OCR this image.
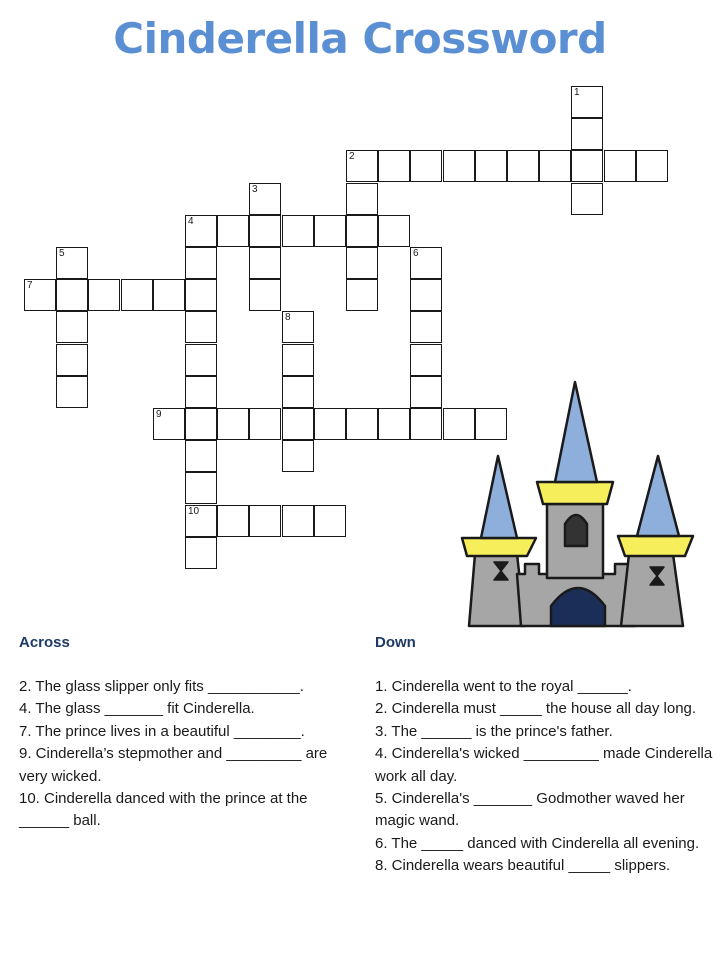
Cinderella Crossword
1
2
3
4
10
5	6
7
8
9
Across

2. The glass slipper only fits ___________.

4. The glass _______ fit Cinderella.

7. The prince lives in a beautiful ________.

9. Cinderella’s stepmother and _________ are very wicked.

10. Cinderella danced with the prince at the ______ ball.

Down

1. Cinderella went to the royal ______.

2. Cinderella must _____ the house all day long.

3. The ______ is the prince's father.

4. Cinderella's wicked _________ made Cinderella work all day.

5. Cinderella's _______ Godmother waved her magic wand.

6. The _____ danced with Cinderella all evening.

8. Cinderella wears beautiful _____ slippers.
